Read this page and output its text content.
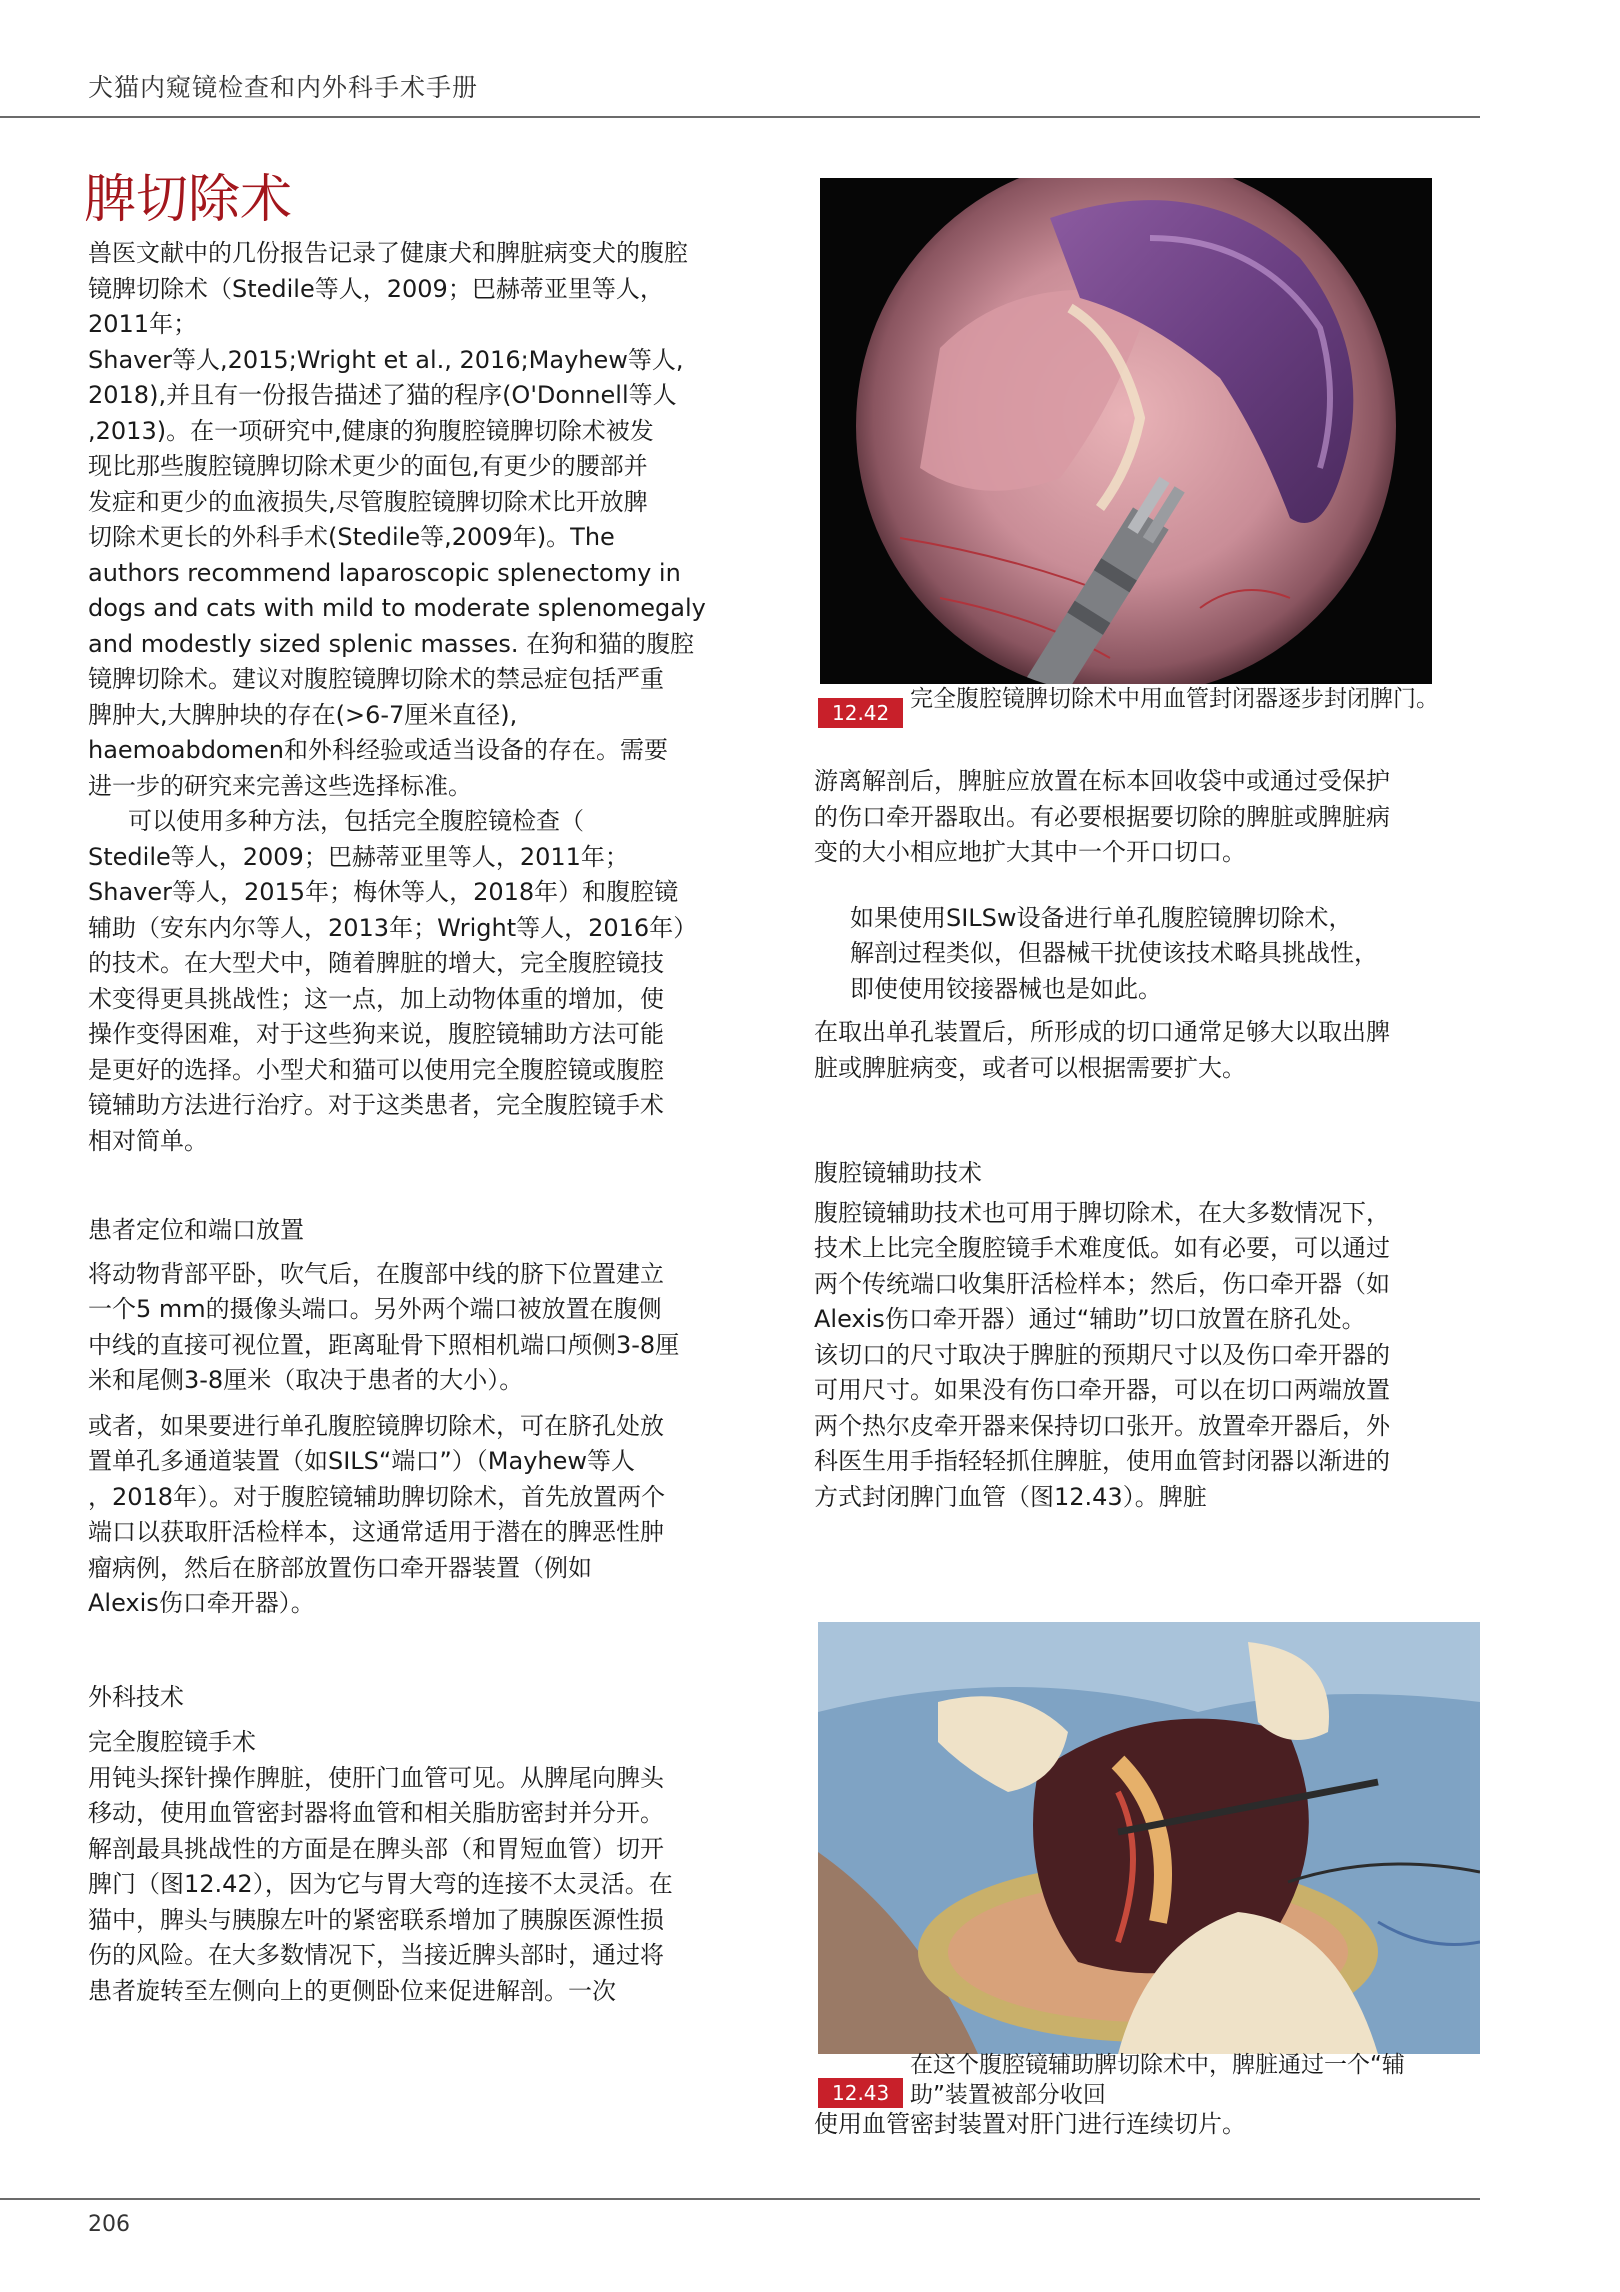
犬猫内窥镜检查和内外科手术手册
脾切除术
兽医文献中的几份报告记录了健康犬和脾脏病变犬的腹腔
镜脾切除术（Stedile等人，2009；巴赫蒂亚里等人，
2011年；
Shaver等人,2015;Wright et al., 2016;Mayhew等人,
2018),并且有一份报告描述了猫的程序(O'Donnell等人
,2013)。在一项研究中,健康的狗腹腔镜脾切除术被发
现比那些腹腔镜脾切除术更少的面包,有更少的腰部并
发症和更少的血液损失,尽管腹腔镜脾切除术比开放脾
切除术更长的外科手术(Stedile等,2009年)。The
authors recommend laparoscopic splenectomy in
dogs and cats with mild to moderate splenomegaly
and modestly sized splenic masses. 在狗和猫的腹腔
镜脾切除术。建议对腹腔镜脾切除术的禁忌症包括严重
脾肿大,大脾肿块的存在(>6-7厘米直径),
haemoabdomen和外科经验或适当设备的存在。需要
进一步的研究来完善这些选择标准。
可以使用多种方法，包括完全腹腔镜检查（
Stedile等人，2009；巴赫蒂亚里等人，2011年；
Shaver等人，2015年；梅休等人，2018年）和腹腔镜
辅助（安东内尔等人，2013年；Wright等人，2016年）
的技术。在大型犬中，随着脾脏的增大，完全腹腔镜技
术变得更具挑战性；这一点，加上动物体重的增加，使
操作变得困难，对于这些狗来说，腹腔镜辅助方法可能
是更好的选择。小型犬和猫可以使用完全腹腔镜或腹腔
镜辅助方法进行治疗。对于这类患者，完全腹腔镜手术
相对简单。
患者定位和端口放置
将动物背部平卧，吹气后，在腹部中线的脐下位置建立
一个5 mm的摄像头端口。另外两个端口被放置在腹侧
中线的直接可视位置，距离耻骨下照相机端口颅侧3-8厘
米和尾侧3-8厘米（取决于患者的大小）。
或者，如果要进行单孔腹腔镜脾切除术，可在脐孔处放
置单孔多通道装置（如SILS“端口”）（Mayhew等人
，2018年）。对于腹腔镜辅助脾切除术，首先放置两个
端口以获取肝活检样本，这通常适用于潜在的脾恶性肿
瘤病例，然后在脐部放置伤口牵开器装置（例如
Alexis伤口牵开器）。
外科技术
完全腹腔镜手术
用钝头探针操作脾脏，使肝门血管可见。从脾尾向脾头
移动，使用血管密封器将血管和相关脂肪密封并分开。
解剖最具挑战性的方面是在脾头部（和胃短血管）切开
脾门（图12.42），因为它与胃大弯的连接不太灵活。在
猫中，脾头与胰腺左叶的紧密联系增加了胰腺医源性损
伤的风险。在大多数情况下，当接近脾头部时，通过将
患者旋转至左侧向上的更侧卧位来促进解剖。一次
12.42
完全腹腔镜脾切除术中用血管封闭器逐步封闭脾门。
游离解剖后，脾脏应放置在标本回收袋中或通过受保护
的伤口牵开器取出。有必要根据要切除的脾脏或脾脏病
变的大小相应地扩大其中一个开口切口。
如果使用SILSw设备进行单孔腹腔镜脾切除术，
解剖过程类似，但器械干扰使该技术略具挑战性，
即使使用铰接器械也是如此。
在取出单孔装置后，所形成的切口通常足够大以取出脾
脏或脾脏病变，或者可以根据需要扩大。
腹腔镜辅助技术
腹腔镜辅助技术也可用于脾切除术，在大多数情况下，
技术上比完全腹腔镜手术难度低。如有必要，可以通过
两个传统端口收集肝活检样本；然后，伤口牵开器（如
Alexis伤口牵开器）通过“辅助”切口放置在脐孔处。
该切口的尺寸取决于脾脏的预期尺寸以及伤口牵开器的
可用尺寸。如果没有伤口牵开器，可以在切口两端放置
两个热尔皮牵开器来保持切口张开。放置牵开器后，外
科医生用手指轻轻抓住脾脏，使用血管封闭器以渐进的
方式封闭脾门血管（图12.43）。脾脏
12.43
在这个腹腔镜辅助脾切除术中，脾脏通过一个“辅
助”装置被部分收回
使用血管密封装置对肝门进行连续切片。
206
